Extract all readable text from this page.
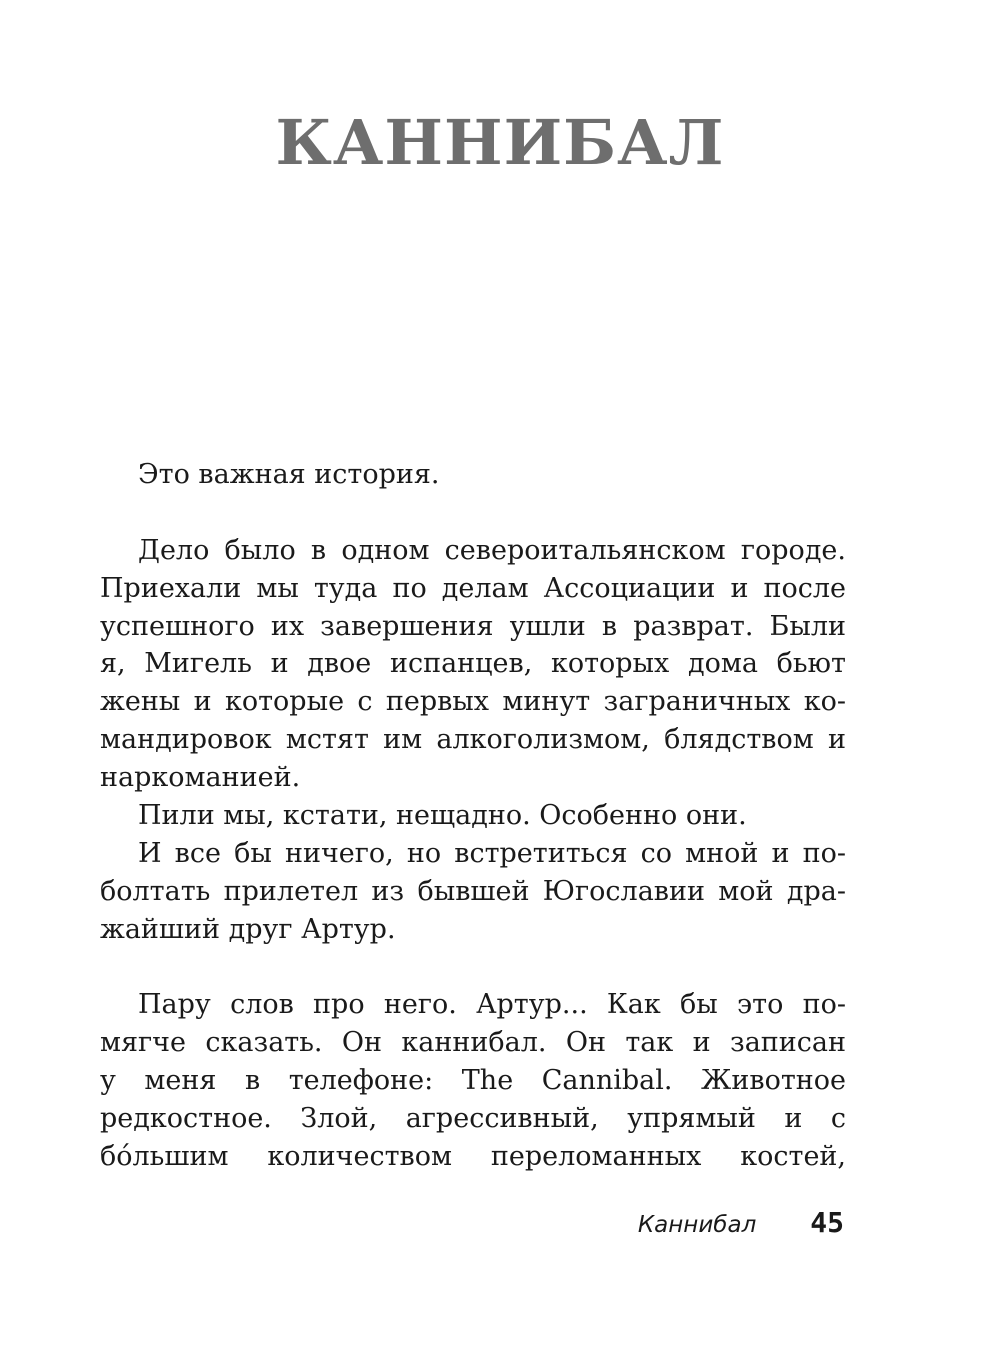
КАННИБАЛ
Это важная история.
Дело было в одном североитальянском городе.
Приехали мы туда по делам Ассоциации и после
успешного их завершения ушли в разврат. Были
я, Мигель и двое испанцев, которых дома бьют
жены и которые с первых минут заграничных ко-
мандировок мстят им алкоголизмом, блядством и
наркоманией.
Пили мы, кстати, нещадно. Особенно они.
И все бы ничего, но встретиться со мной и по-
болтать прилетел из бывшей Югославии мой дра-
жайший друг Артур.
Пару слов про него. Артур... Как бы это по-
мягче сказать. Он каннибал. Он так и записан
у меня в телефоне: The Cannibal. Животное
редкостное. Злой, агрессивный, упрямый и с
бóльшим количеством переломанных костей,
Каннибал 45
